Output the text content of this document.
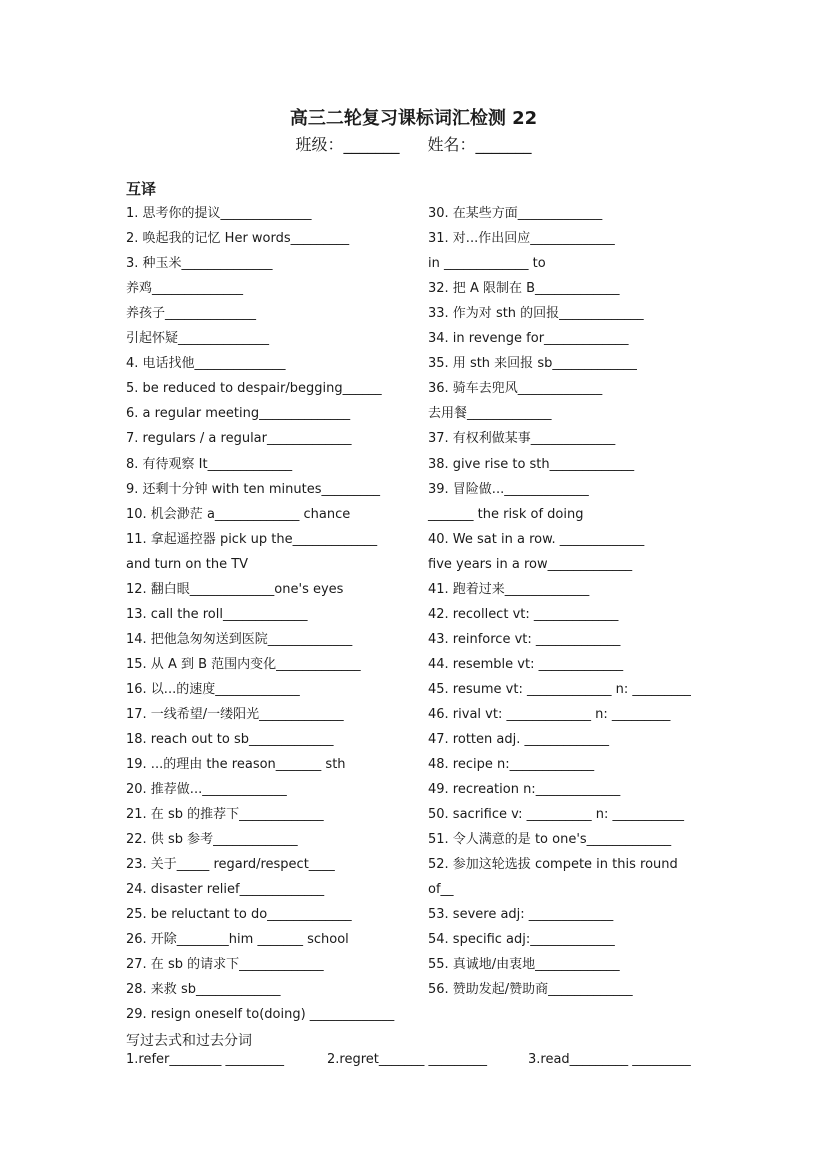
高三二轮复习课标词汇检测 22
班级：_______ 姓名：_______
互译
1. 思考你的提议______________
2. 唤起我的记忆 Her words_________
3. 种玉米______________
养鸡______________
养孩子______________
引起怀疑______________
4. 电话找他______________
5. be reduced to despair/begging______
6. a regular meeting______________
7. regulars / a regular_____________
8. 有待观察 It_____________
9. 还剩十分钟 with ten minutes_________
10. 机会渺茫 a_____________ chance
11. 拿起遥控器 pick up the_____________
and turn on the TV
12. 翻白眼_____________one's eyes
13. call the roll_____________
14. 把他急匆匆送到医院_____________
15. 从 A 到 B 范围内变化_____________
16. 以...的速度_____________
17. 一线希望/一缕阳光_____________
18. reach out to sb_____________
19. ...的理由 the reason_______ sth
20. 推荐做..._____________
21. 在 sb 的推荐下_____________
22. 供 sb 参考_____________
23. 关于_____ regard/respect____
24. disaster relief_____________
25. be reluctant to do_____________
26. 开除________him _______ school
27. 在 sb 的请求下_____________
28. 来救 sb_____________
29. resign oneself to(doing) _____________
30. 在某些方面_____________
31. 对...作出回应_____________
in _____________ to
32. 把 A 限制在 B_____________
33. 作为对 sth 的回报_____________
34. in revenge for_____________
35. 用 sth 来回报 sb_____________
36. 骑车去兜风_____________
去用餐_____________
37. 有权利做某事_____________
38. give rise to sth_____________
39. 冒险做..._____________
_______ the risk of doing
40. We sat in a row. _____________
five years in a row_____________
41. 跑着过来_____________
42. recollect vt: _____________
43. reinforce vt: _____________
44. resemble vt: _____________
45. resume vt: _____________ n: _________
46. rival vt: _____________ n: _________
47. rotten adj. _____________
48. recipe n:_____________
49. recreation n:_____________
50. sacrifice v: __________ n: ___________
51. 令人满意的是 to one's_____________
52. 参加这轮选拔 compete in this round
of__
53. severe adj: _____________
54. specific adj:_____________
55. 真诚地/由衷地_____________
56. 赞助发起/赞助商_____________
写过去式和过去分词
1.refer________ _________	2.regret_______ _________	3.read_________ _________
